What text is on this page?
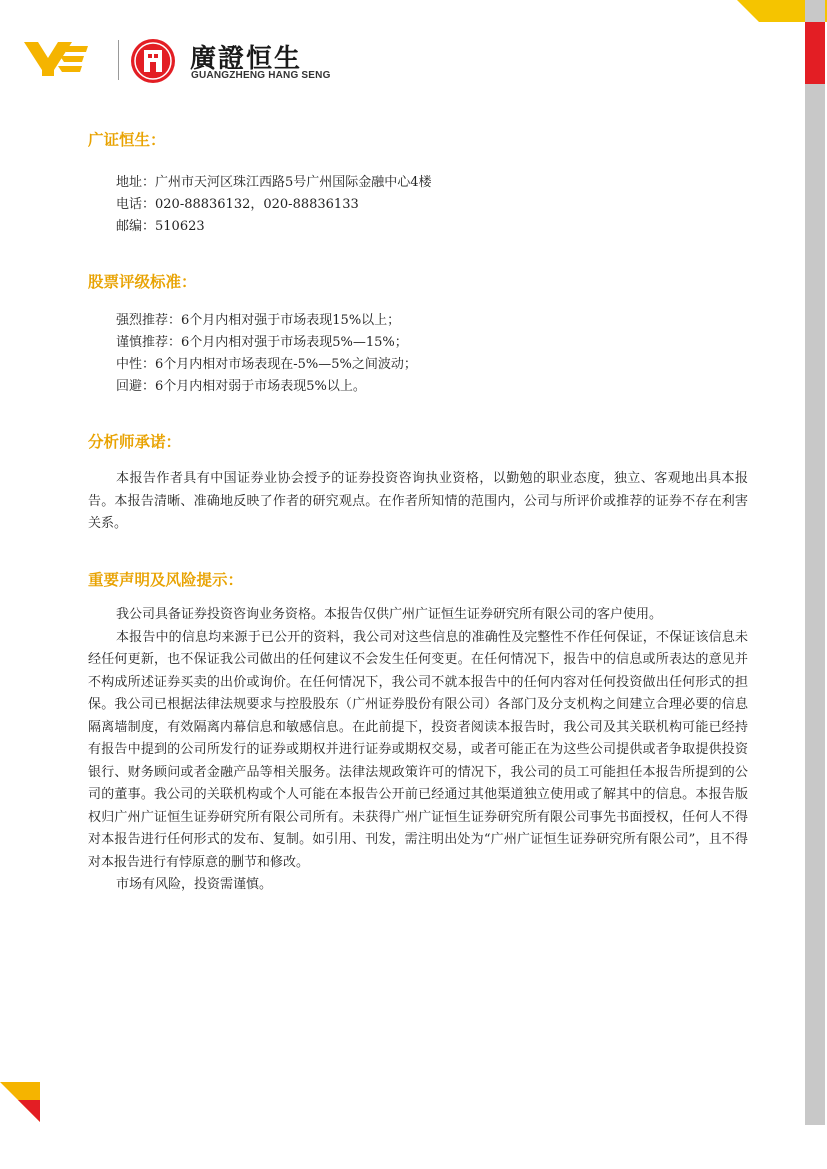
廣證恒生
GUANGZHENG HANG SENG
广证恒生：
地址：广州市天河区珠江西路5号广州国际金融中心4楼
电话：020-88836132，020-88836133
邮编：510623
股票评级标准：
强烈推荐：6个月内相对强于市场表现15%以上；
谨慎推荐：6个月内相对强于市场表现5%—15%；
中性：6个月内相对市场表现在-5%—5%之间波动；
回避：6个月内相对弱于市场表现5%以上。
分析师承诺：

本报告作者具有中国证券业协会授予的证券投资咨询执业资格，以勤勉的职业态度，独立、客观地出具本报告。本报告清晰、准确地反映了作者的研究观点。在作者所知情的范围内，公司与所评价或推荐的证券不存在利害关系。

重要声明及风险提示：

我公司具备证券投资咨询业务资格。本报告仅供广州广证恒生证券研究所有限公司的客户使用。

本报告中的信息均来源于已公开的资料，我公司对这些信息的准确性及完整性不作任何保证，不保证该信息未经任何更新，也不保证我公司做出的任何建议不会发生任何变更。在任何情况下，报告中的信息或所表达的意见并不构成所述证券买卖的出价或询价。在任何情况下，我公司不就本报告中的任何内容对任何投资做出任何形式的担保。我公司已根据法律法规要求与控股股东（广州证券股份有限公司）各部门及分支机构之间建立合理必要的信息隔离墙制度，有效隔离内幕信息和敏感信息。在此前提下，投资者阅读本报告时，我公司及其关联机构可能已经持有报告中提到的公司所发行的证券或期权并进行证券或期权交易，或者可能正在为这些公司提供或者争取提供投资银行、财务顾问或者金融产品等相关服务。法律法规政策许可的情况下，我公司的员工可能担任本报告所提到的公司的董事。我公司的关联机构或个人可能在本报告公开前已经通过其他渠道独立使用或了解其中的信息。本报告版权归广州广证恒生证券研究所有限公司所有。未获得广州广证恒生证券研究所有限公司事先书面授权，任何人不得对本报告进行任何形式的发布、复制。如引用、刊发，需注明出处为“广州广证恒生证券研究所有限公司”，且不得对本报告进行有悖原意的删节和修改。

市场有风险，投资需谨慎。
